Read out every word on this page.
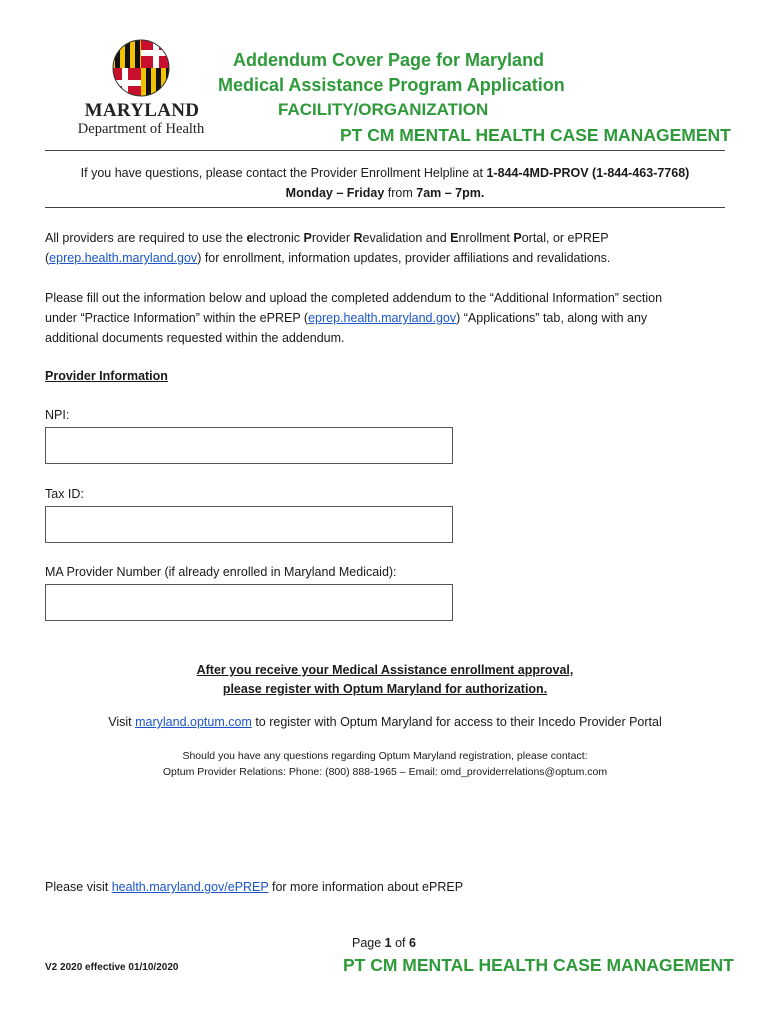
MARYLAND
Department of Health
Addendum Cover Page for Maryland
Medical Assistance Program Application
FACILITY/ORGANIZATION
PT CM MENTAL HEALTH CASE MANAGEMENT
If you have questions, please contact the Provider Enrollment Helpline at 1-844-4MD-PROV (1-844-463-7768)
Monday – Friday from 7am – 7pm.
All providers are required to use the electronic Provider Revalidation and Enrollment Portal, or ePREP
(eprep.health.maryland.gov) for enrollment, information updates, provider affiliations and revalidations.
Please fill out the information below and upload the completed addendum to the “Additional Information” section
under “Practice Information” within the ePREP (eprep.health.maryland.gov) “Applications” tab, along with any
additional documents requested within the addendum.
Provider Information
NPI:
Tax ID:
MA Provider Number (if already enrolled in Maryland Medicaid):
After you receive your Medical Assistance enrollment approval,
please register with Optum Maryland for authorization.
Visit maryland.optum.com to register with Optum Maryland for access to their Incedo Provider Portal
Should you have any questions regarding Optum Maryland registration, please contact:
Optum Provider Relations: Phone: (800) 888-1965 – Email: omd_providerrelations@optum.com
Please visit health.maryland.gov/ePREP for more information about ePREP
Page 1 of 6
V2 2020 effective 01/10/2020	PT CM MENTAL HEALTH CASE MANAGEMENT
